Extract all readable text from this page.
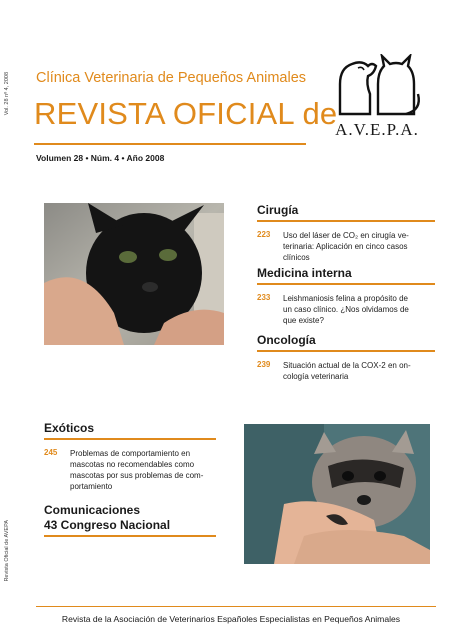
Vol. 28 nº 4, 2008
Revista Oficial de AVEPA
Clínica Veterinaria de Pequeños Animales
REVISTA OFICIAL de
Volumen 28 • Núm. 4 • Año 2008
A.V.E.P.A.
Cirugía
223	Uso del láser de CO₂ en cirugía ve-
terinaria: Aplicación en cinco casos
clínicos
Medicina interna
233	Leishmaniosis felina a propósito de
un caso clínico. ¿Nos olvidamos de
que existe?
Oncología
239	Situación actual de la COX-2 en on-
cología veterinaria
Exóticos
245	Problemas de comportamiento en
mascotas no recomendables como
mascotas por sus problemas de com-
portamiento
Comunicaciones
43 Congreso Nacional
Revista de la Asociación de Veterinarios Españoles Especialistas en Pequeños Animales
